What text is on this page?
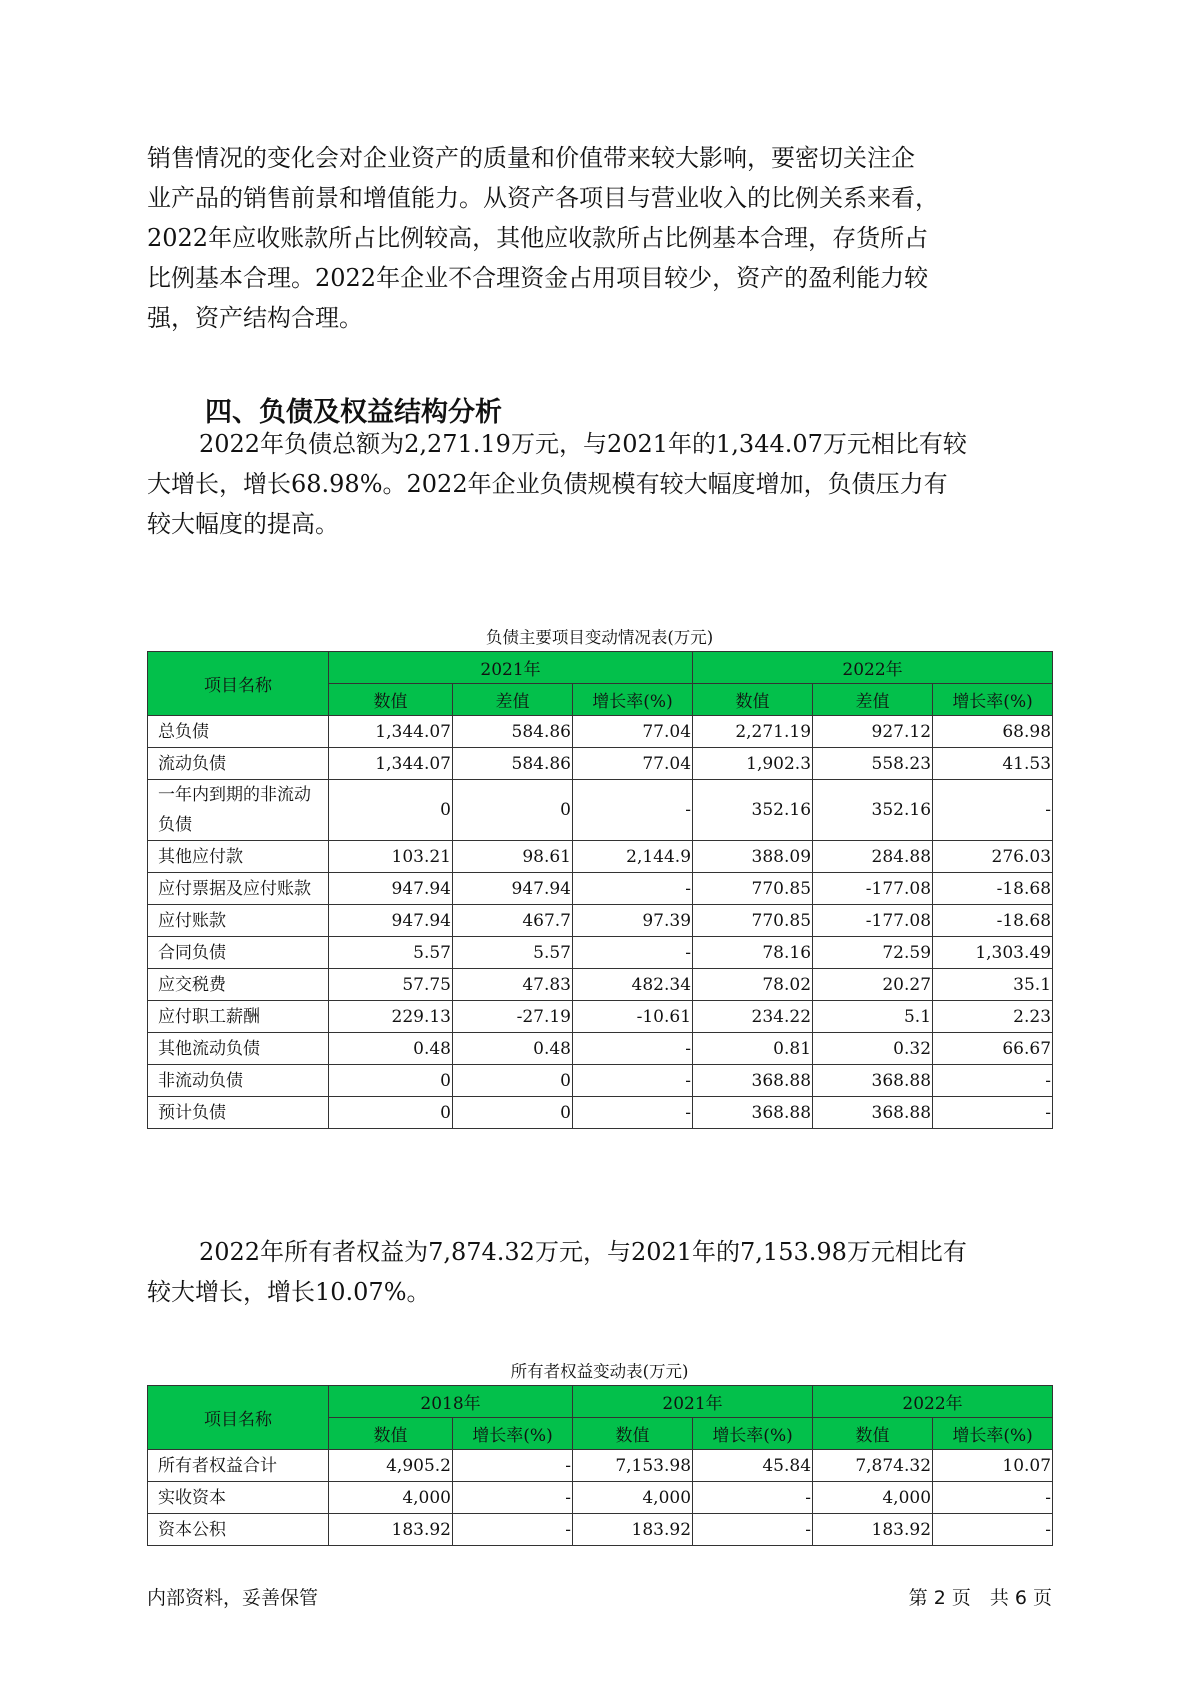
销售情况的变化会对企业资产的质量和价值带来较大影响，要密切关注企
业产品的销售前景和增值能力。从资产各项目与营业收入的比例关系来看，
2022年应收账款所占比例较高，其他应收款所占比例基本合理，存货所占
比例基本合理。2022年企业不合理资金占用项目较少，资产的盈利能力较
强，资产结构合理。
四、负债及权益结构分析
2022年负债总额为2,271.19万元，与2021年的1,344.07万元相比有较
大增长，增长68.98%。2022年企业负债规模有较大幅度增加，负债压力有
较大幅度的提高。
负债主要项目变动情况表(万元)
项目名称	2021年			2022年		
	数值	差值	增长率(%)	数值	差值	增长率(%)
总负债	1,344.07	584.86	77.04	2,271.19	927.12	68.98
流动负债	1,344.07	584.86	77.04	1,902.3	558.23	41.53
一年内到期的非流动负债	0	0	-	352.16	352.16	-
其他应付款	103.21	98.61	2,144.9	388.09	284.88	276.03
应付票据及应付账款	947.94	947.94	-	770.85	-177.08	-18.68
应付账款	947.94	467.7	97.39	770.85	-177.08	-18.68
合同负债	5.57	5.57	-	78.16	72.59	1,303.49
应交税费	57.75	47.83	482.34	78.02	20.27	35.1
应付职工薪酬	229.13	-27.19	-10.61	234.22	5.1	2.23
其他流动负债	0.48	0.48	-	0.81	0.32	66.67
非流动负债	0	0	-	368.88	368.88	-
预计负债	0	0	-	368.88	368.88	-
2022年所有者权益为7,874.32万元，与2021年的7,153.98万元相比有
较大增长，增长10.07%。
所有者权益变动表(万元)
项目名称	2018年		2021年		2022年	
	数值	增长率(%)	数值	增长率(%)	数值	增长率(%)
所有者权益合计	4,905.2	-	7,153.98	45.84	7,874.32	10.07
实收资本	4,000	-	4,000	-	4,000	-
资本公积	183.92	-	183.92	-	183.92	-
内部资料，妥善保管	第 2 页　共 6 页
